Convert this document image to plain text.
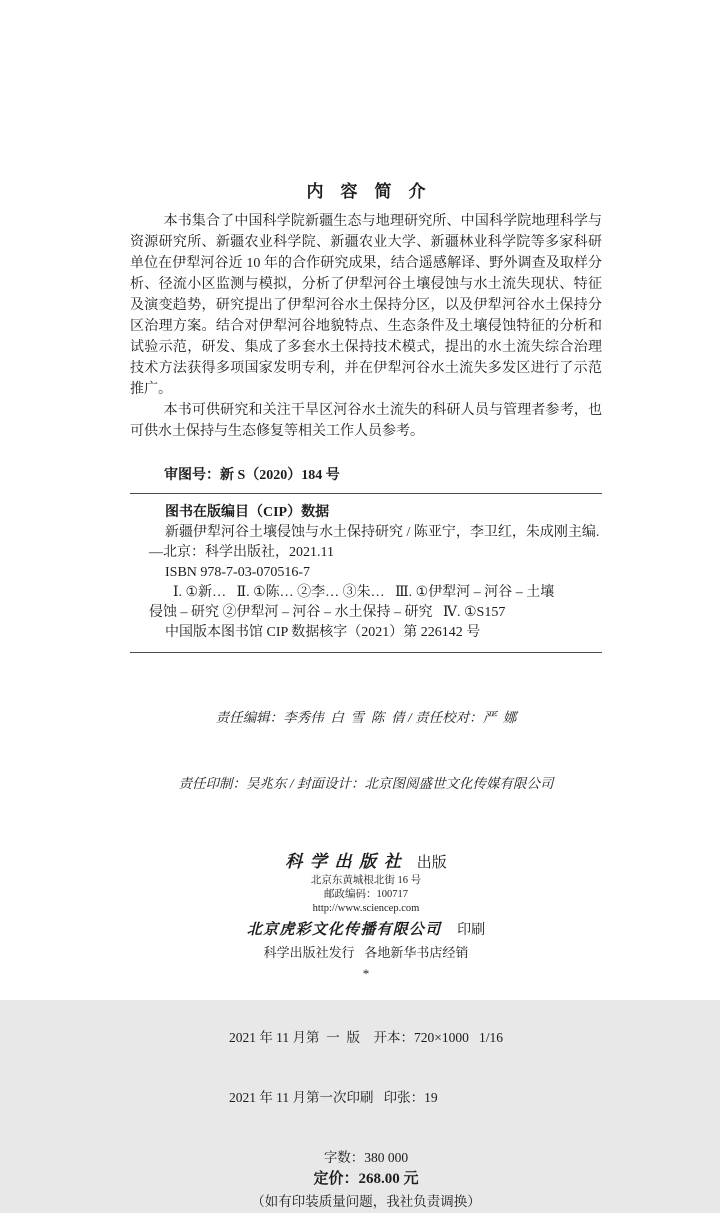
内容简介

本书集合了中国科学院新疆生态与地理研究所、中国科学院地理科学与资源研究所、新疆农业科学院、新疆农业大学、新疆林业科学院等多家科研单位在伊犁河谷近 10 年的合作研究成果，结合遥感解译、野外调查及取样分析、径流小区监测与模拟，分析了伊犁河谷土壤侵蚀与水土流失现状、特征及演变趋势，研究提出了伊犁河谷水土保持分区，以及伊犁河谷水土保持分区治理方案。结合对伊犁河谷地貌特点、生态条件及土壤侵蚀特征的分析和试验示范，研发、集成了多套水土保持技术模式，提出的水土流失综合治理技术方法获得多项国家发明专利，并在伊犁河谷水土流失多发区进行了示范推广。

本书可供研究和关注干旱区河谷水土流失的科研人员与管理者参考，也可供水土保持与生态修复等相关工作人员参考。

审图号：新 S（2020）184 号
图书在版编目（CIP）数据
新疆伊犁河谷土壤侵蚀与水土保持研究 / 陈亚宁，李卫红，朱成刚主编.
—北京：科学出版社，2021.11
ISBN 978-7-03-070516-7
Ⅰ. ①新…   Ⅱ. ①陈… ②李… ③朱…   Ⅲ. ①伊犁河 – 河谷 – 土壤
侵蚀 – 研究 ②伊犁河 – 河谷 – 水土保持 – 研究   Ⅳ. ①S157
中国版本图书馆 CIP 数据核字（2021）第 226142 号

责任编辑：李秀伟  白  雪  陈  倩 / 责任校对：严  娜

责任印制：吴兆东 / 封面设计：北京图阅盛世文化传媒有限公司

科学出版社 出版
北京东黄城根北街 16 号
邮政编码：100717
http://www.sciencep.com
北京虎彩文化传播有限公司 印刷
科学出版社发行   各地新华书店经销
*

2021 年 11 月第  一  版    开本：720×1000   1/16

2021 年 11 月第一次印刷   印张：19

字数：380 000
定价：268.00 元
（如有印装质量问题，我社负责调换）
